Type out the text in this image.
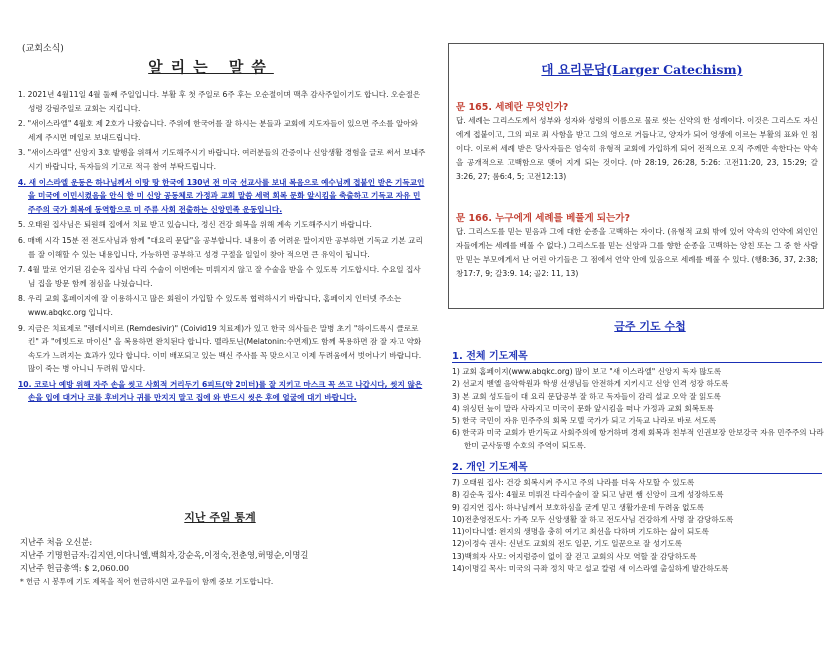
(교회소식)
알리는 말씀
1. 2021년 4월11일 4월 둘째 주일입니다. 부활 후 첫 주일로 6주 후는 오순절이며 맥추 감사주일이기도 합니다. 오순절은 성령 강림주일로 교회는 지킵니다.
2. "새이스라엘" 4월호 제 2호가 나왔습니다. 주위에 한국어를 잘 하시는 분들과 교회에 지도자들이 있으면 주소를 알아와 세계 주시면 메일로 보내드립니다.
3. "새이스라엘" 신앙지 3호 발행을 위해서 기도해주시기 바랍니다. 여러분들의 간증이나 신앙생활 경험을 글로 써서 보내주시기 바랍니다, 독자들의 기고로 적극 참여 부탁드립니다.
4. 새 이스라엘 운동은 하나님께서 이땅 땅 한국에 130년 전 미국 선교사를 보내 복음으로 예수님께 접붙인 받은 기독교인을 미국에 이민시켰음을 안식 한 미 신앙 공동체로 가정과 교회 말씀 세력 회복 문화 앞시킴을 축출하고 기독교 자유 민주주의 국가 회복에 동역함으로 미 주류 사회 전출하는 신앙민족 운동입니다.
5. 오태원 집사님은 퇴원해 집에서 치료 받고 있습니다, 정신 건강 회복을 위해 계속 기도해주시기 바랍니다.
6. 매배 시각 15분 전 전도사님과 함께 "대요리 문답"을 공부합니다. 내용이 좀 어려운 말이지만 공부하면 기독교 기본 교리를 잘 이해할 수 있는 내용입니다, 가능하면 공부하고 성경 구절을 일일이 찾아 적으면 큰 유익이 됩니다.
7. 4월 말로 연기된 김순옥 집사님 다리 수술이 이번에는 미뤄지지 않고 잘 수술을 받을 수 있도록 기도합시다. 수요일 집사님 집을 방문 함께 점심을 나눴습니다.
8. 우리 교회 홈페이지에 잘 이용하시고 많은 회원이 가입할 수 있도록 협력하시기 바랍니다, 홈페이지 인터넷 주소는 www.abqkc.org 입니다.
9. 지금은 치료제로 "렘데시비르 (Remdesivir)" (Coivid19 치료제)가 있고 한국 의사들은 말병 초기 "하이드록시 클로로킨" 과 "에빗드로 마이신" 을 복용하면 완치된다 합니다. 멜라토닌(Melatonin:수면제)도 함께 복용하면 잠 잘 자고 약화 속도가 느려지는 효과가 있다 합니다. 이미 배포되고 있는 백신 주사를 꼭 맞으시고 이제 두려움에서 벗어나기 바랍니다. 많이 죽는 병 아니니 두려워 맙시다.
10. 코로나 예방 위해 자주 손을 씻고 사회적 거리두기 6피트(약 2미터)를 잘 지키고 마스크 꼭 쓰고 나갑시다, 씻지 않은 손을 입에 대거나 코를 후비거나 귀를 만지지 말고 집에 와 반드시 씻은 후에 얼굴에 대기 바랍니다.
지난 주일 통계
지난주 처음 오신분:
지난주 기명헌금자:김지연,이다니엘,백희자,강순옥,이정숙,전춘영,허명순,이명길
지난주 헌금총액: $ 2,060.00
* 헌금 시 봉투에 기도 제목을 적어 헌금하시면 교우들이 함께 중보 기도합니다.
대 요리문답(Larger Catechism)
문 165. 세례란 무엇인가?
답. 세례는 그리스도께서 성부와 성자와 성령의 이름으로 물로 씻는 신약의 한 성례이다. 이것은 그리스도 자신에게 접붙이고, 그의 피로 죄 사함을 받고 그의 영으로 거듭나고, 양자가 되어 영생에 이르는 부활의 표와 인 침이다. 이로써 세례 받은 당사자들은 엄숙히 유형적 교회에 가입하게 되어 전적으로 오직 주께만 속한다는 약속을 공개적으로 고백함으로 맺어 지게 되는 것이다. (마 28:19, 26:28, 5:26: 고전11:20, 23, 15:29; 갈3:26, 27; 롬6:4, 5; 고전12:13)
문 166. 누구에게 세례를 베풀게 되는가?
답. 그리스도를 믿는 믿음과 그에 대한 순종을 고백하는 자이다. (유형적 교회 밖에 있어 약속의 언약에 외인인 자들에게는 세례를 베풀 수 없다.) 그리스도를 믿는 신앙과 그를 향한 순종을 고백하는 양친 또는 그 중 한 사람만 믿는 부모에게서 난 어린 아기들은 그 점에서 언약 안에 있음으로 세례를 베풀 수 있다. (행8:36, 37, 2:38; 창17:7, 9; 갈3:9. 14; 골2: 11, 13)
금주 기도 수첩
1. 전체 기도제목
1) 교회 홈페이지(www.abqkc.org) 많이 보고 "새 이스라엘" 신앙지 독자 많도록
2) 선교지 벧엘 음악학원과 학생 선생님들 안전하게 지키시고 신앙 인격 성장 하도록
3) 본 교회 성도들이 대 요리 문답공부 잘 하고 독자들이 감리 설교 오악 잘 읽도록
4) 위싱턴 늪이 말라 사라지고 미국이 문화 앞시킴을 떠나 가정과 교회 회복토록
5) 한국 국민이 자유 민주주의 회복 모델 국가가 되고 기독교 나라로 바로 서도록
6) 한국과 미국 교회가 반기독교 사회주의에 항거하며 경제 회복과 친부적 인권보장 안보강국 자유 민주주의 나라 한미 군사동맹 수호의 주역이 되도록.
2. 개인 기도제목
7) 오태원 집사: 건강 회복시켜 주시고 주의 나라를 더욱 사모할 수 있도록
8) 김순옥 집사: 4월로 미뤄진 다리수술이 잘 되고 남편 쌤 신앙이 크게 성장하도록
9) 김지연 집사: 하나님께서 보호하심을 굳게 믿고 생활가운데 두려움 없도록
10)전춘영전도사: 가족 모두 신앙생활 잘 하고 전도사님 건강하게 사명 잘 감당하도록
11)이다니엘: 왼지의 생명을 충히 여기고 최선을 다하며 기도하는 삶이 되도록
12)이정숙 권사: 신년도 교회의 전도 일꾼, 기도 일꾼으로 잘 성기도록
13)백희자 사모: 어지럼증이 없이 잘 걷고 교회의 사모 역할 잘 감당하도록
14)이명길 목사: 미국의 극좌 정치 막고 설교 칼럼 새 이스라엘 출실하게 발간하도록
